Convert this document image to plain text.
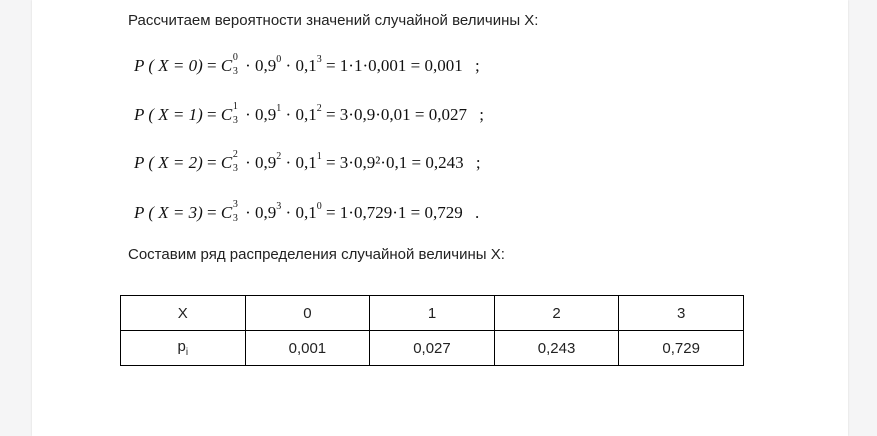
Рассчитаем вероятности значений случайной величины X:
P ( X = 0) = C 0
$3 \cdot 0,9^0 \cdot 0,1^3 = 1\cdot 1\cdot 0,001 = 0,001$ ;
P ( X = 1) = C 1
$3 \cdot 0,9^1 \cdot 0,1^2 = 3\cdot 0,9\cdot 0,01 = 0,027$ ;
P ( X = 2) = C 2
$3 \cdot 0,9^2 \cdot 0,1^1 = 3\cdot 0,9^2\cdot 0,1 = 0,243$ ;
P ( X = 3) = C 3
$3 \cdot 0,9^3 \cdot 0,1^0 = 1\cdot 0,729\cdot 1 = 0,729$ .
Составим ряд распределения случайной величины X:
X	0	1	2	3
$p_i$	0,001	0,027	0,243	0,729
